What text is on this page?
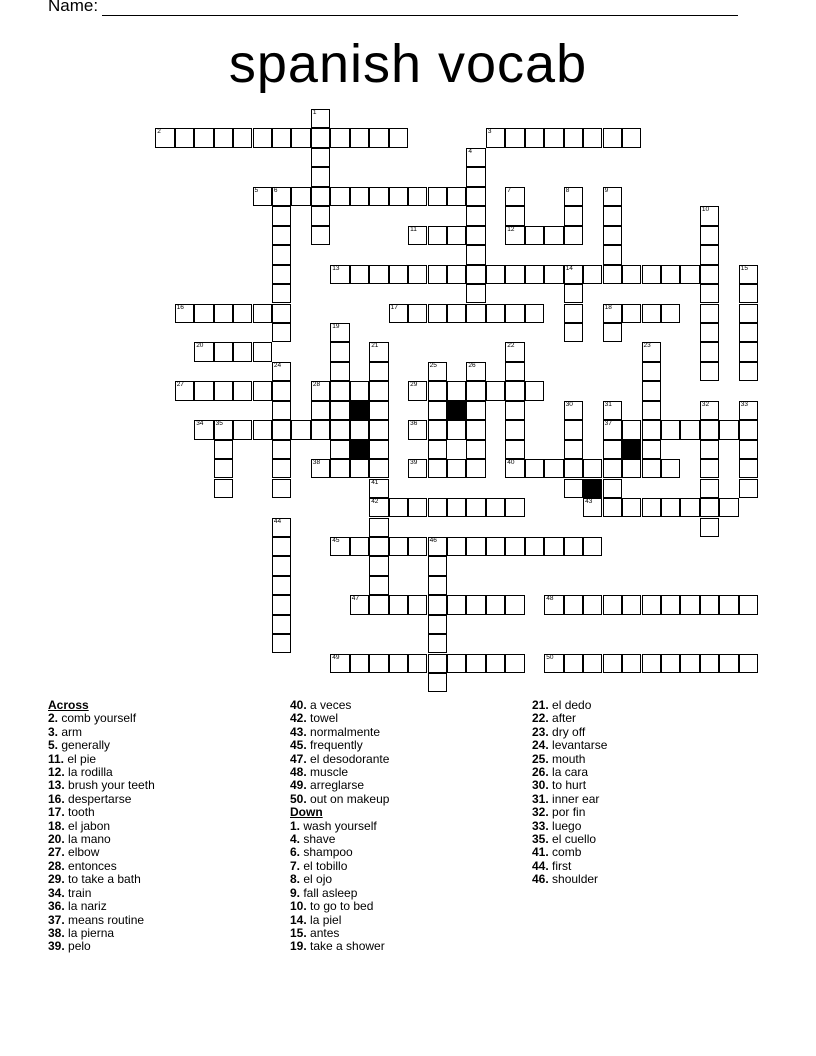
Name:
spanish vocab
1
2	3
4
5 6	7	8	9
10
11	12
13	14	15
16	17	18
19
20	21	22	23
24	25	26
27	28	29
30	31	32	33
34 35	36	37
38	39	40
41
42	43
44
45	46
47	48
49	50
Across
2. comb yourself
3. arm
5. generally
11. el pie
12. la rodilla
13. brush your teeth
16. despertarse
17. tooth
18. el jabon
20. la mano
27. elbow
28. entonces
29. to take a bath
34. train
36. la nariz
37. means routine
38. la pierna
39. pelo
40. a veces
42. towel
43. normalmente
45. frequently
47. el desodorante
48. muscle
49. arreglarse
50. out on makeup
Down
1. wash yourself
4. shave
6. shampoo
7. el tobillo
8. el ojo
9. fall asleep
10. to go to bed
14. la piel
15. antes
19. take a shower
21. el dedo
22. after
23. dry off
24. levantarse
25. mouth
26. la cara
30. to hurt
31. inner ear
32. por fin
33. luego
35. el cuello
41. comb
44. first
46. shoulder
